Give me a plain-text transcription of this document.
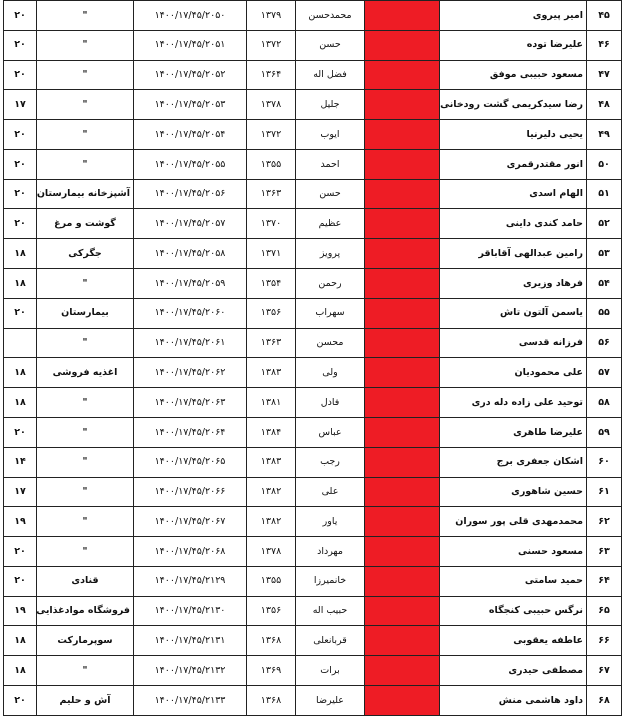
۴۵	امیر پیروی		محمدحسن	۱۳۷۹	۱۴۰۰/۱۷/۴۵/۲۰۵۰	"	۲۰	
۴۶	علیرضا توده		حسن	۱۳۷۲	۱۴۰۰/۱۷/۴۵/۲۰۵۱	"	۲۰	
۴۷	مسعود حبیبی موفق		فضل اله	۱۳۶۴	۱۴۰۰/۱۷/۴۵/۲۰۵۲	"	۲۰	
۴۸	رضا سیدکریمی گشت رودخانی		جلیل	۱۳۷۸	۱۴۰۰/۱۷/۴۵/۲۰۵۳	"	۱۷	
۴۹	یحیی دلیرنیا		ایوب	۱۳۷۲	۱۴۰۰/۱۷/۴۵/۲۰۵۴	"	۲۰	
۵۰	انور مقتدرقمری		احمد	۱۳۵۵	۱۴۰۰/۱۷/۴۵/۲۰۵۵	"	۲۰	
۵۱	الهام اسدی		حسن	۱۳۶۳	۱۴۰۰/۱۷/۴۵/۲۰۵۶	آشپزخانه بیمارستان	۲۰	
۵۲	حامد کندی داینی		عظیم	۱۳۷۰	۱۴۰۰/۱۷/۴۵/۲۰۵۷	گوشت و مرغ	۲۰	
۵۳	رامین عبدالهی آقاباقر		پرویز	۱۳۷۱	۱۴۰۰/۱۷/۴۵/۲۰۵۸	جگرکی	۱۸	
۵۴	فرهاد وزیری		رحمن	۱۳۵۴	۱۴۰۰/۱۷/۴۵/۲۰۵۹	"	۱۸	
۵۵	یاسمن آلتون تاش		سهراب	۱۳۵۶	۱۴۰۰/۱۷/۴۵/۲۰۶۰	بیمارستان	۲۰	
۵۶	فرزانه قدسی		محسن	۱۳۶۳	۱۴۰۰/۱۷/۴۵/۲۰۶۱	"		
۵۷	علی محمودیان		ولی	۱۳۸۳	۱۴۰۰/۱۷/۴۵/۲۰۶۲	اغذیه فروشی	۱۸	
۵۸	توحید علی زاده دله دری		فادل	۱۳۸۱	۱۴۰۰/۱۷/۴۵/۲۰۶۳	"	۱۸	
۵۹	علیرضا طاهری		عباس	۱۳۸۴	۱۴۰۰/۱۷/۴۵/۲۰۶۴	"	۲۰	
۶۰	اشکان جعفری برج		رجب	۱۳۸۳	۱۴۰۰/۱۷/۴۵/۲۰۶۵	"	۱۴	
۶۱	حسین شاهوری		علی	۱۳۸۲	۱۴۰۰/۱۷/۴۵/۲۰۶۶	"	۱۷	
۶۲	محمدمهدی قلی پور سوران		یاور	۱۳۸۲	۱۴۰۰/۱۷/۴۵/۲۰۶۷	"	۱۹	
۶۳	مسعود حسنی		مهرداد	۱۳۷۸	۱۴۰۰/۱۷/۴۵/۲۰۶۸	"	۲۰	
۶۴	حمید سامتی		خانمیرزا	۱۳۵۵	۱۴۰۰/۱۷/۴۵/۲۱۲۹	قنادی	۲۰	
۶۵	نرگس حبیبی کنجگاه		حبیب اله	۱۳۵۶	۱۴۰۰/۱۷/۴۵/۲۱۳۰	فروشگاه موادغذایی	۱۹	
۶۶	عاطفه یعقوبی		قربانعلی	۱۳۶۸	۱۴۰۰/۱۷/۴۵/۲۱۳۱	سوپرمارکت	۱۸	
۶۷	مصطفی حیدری		برات	۱۳۶۹	۱۴۰۰/۱۷/۴۵/۲۱۳۲	"	۱۸	
۶۸	داود هاشمی منش		علیرضا	۱۳۶۸	۱۴۰۰/۱۷/۴۵/۲۱۳۳	آش و حلیم	۲۰	
